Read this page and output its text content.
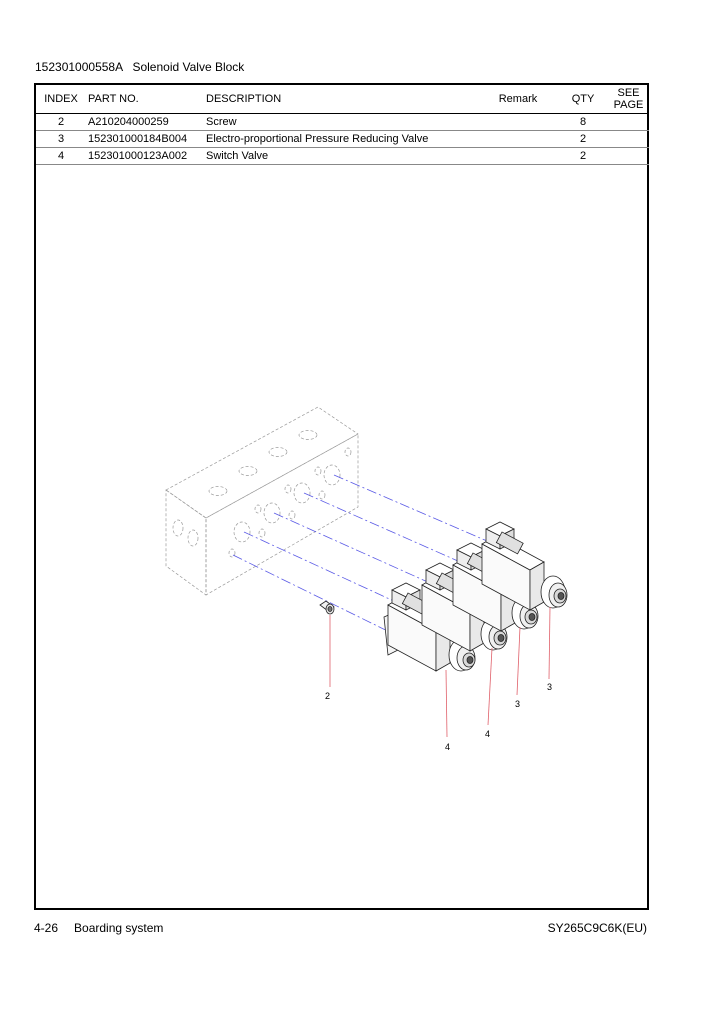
152301000558A Solenoid Valve Block
INDEX	PART NO.	DESCRIPTION	Remark	QTY	SEE
PAGE
2	A210204000259	Screw		8	
3	152301000184B004	Electro-proportional Pressure Reducing Valve		2	
4	152301000123A002	Switch Valve		2	
2
3
4
3
4
4-26 Boarding system	SY265C9C6K(EU)
